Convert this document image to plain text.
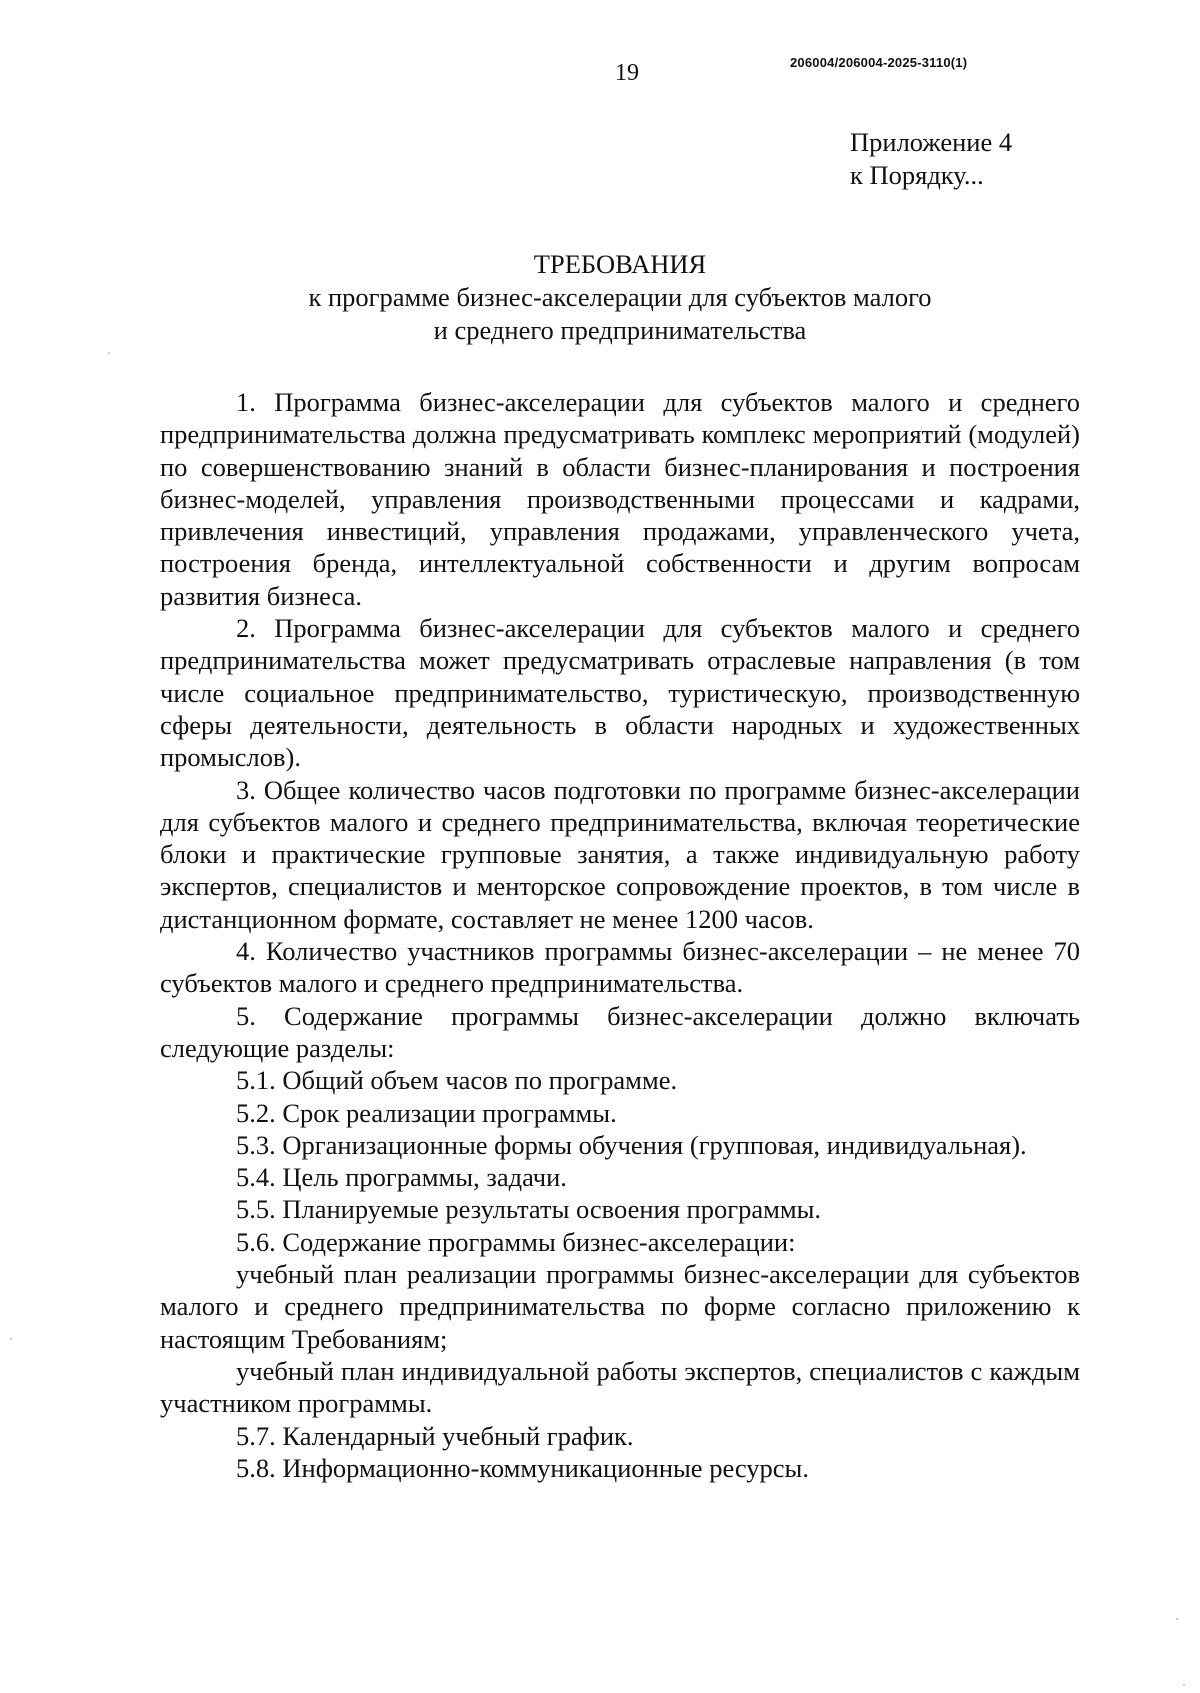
19	206004/206004-2025-3110(1)
Приложение 4
к Порядку...
ТРЕБОВАНИЯ
к программе бизнес-акселерации для субъектов малого
и среднего предпринимательства

1. Программа бизнес-акселерации для субъектов малого и среднего предпринимательства должна предусматривать комплекс мероприятий (модулей) по совершенствованию знаний в области бизнес-планирования и построения бизнес-моделей, управления производственными процессами и кадрами, привлечения инвестиций, управления продажами, управленческого учета, построения бренда, интеллектуальной собственности и другим вопросам развития бизнеса.

2. Программа бизнес-акселерации для субъектов малого и среднего предпринимательства может предусматривать отраслевые направления (в том числе социальное предпринимательство, туристическую, производственную сферы деятельности, деятельность в области народных и художественных промыслов).

3. Общее количество часов подготовки по программе бизнес-акселерации для субъектов малого и среднего предпринимательства, включая теоретические блоки и практические групповые занятия, а также индивидуальную работу экспертов, специалистов и менторское сопровождение проектов, в том числе в дистанционном формате, составляет не менее 1200 часов.

4. Количество участников программы бизнес-акселерации – не менее 70 субъектов малого и среднего предпринимательства.

5. Содержание программы бизнес-акселерации должно включать следующие разделы:

5.1. Общий объем часов по программе.

5.2. Срок реализации программы.

5.3. Организационные формы обучения (групповая, индивидуальная).

5.4. Цель программы, задачи.

5.5. Планируемые результаты освоения программы.

5.6. Содержание программы бизнес-акселерации:

учебный план реализации программы бизнес-акселерации для субъектов малого и среднего предпринимательства по форме согласно приложению к настоящим Требованиям;

учебный план индивидуальной работы экспертов, специалистов с каждым участником программы.

5.7. Календарный учебный график.

5.8. Информационно-коммуникационные ресурсы.
